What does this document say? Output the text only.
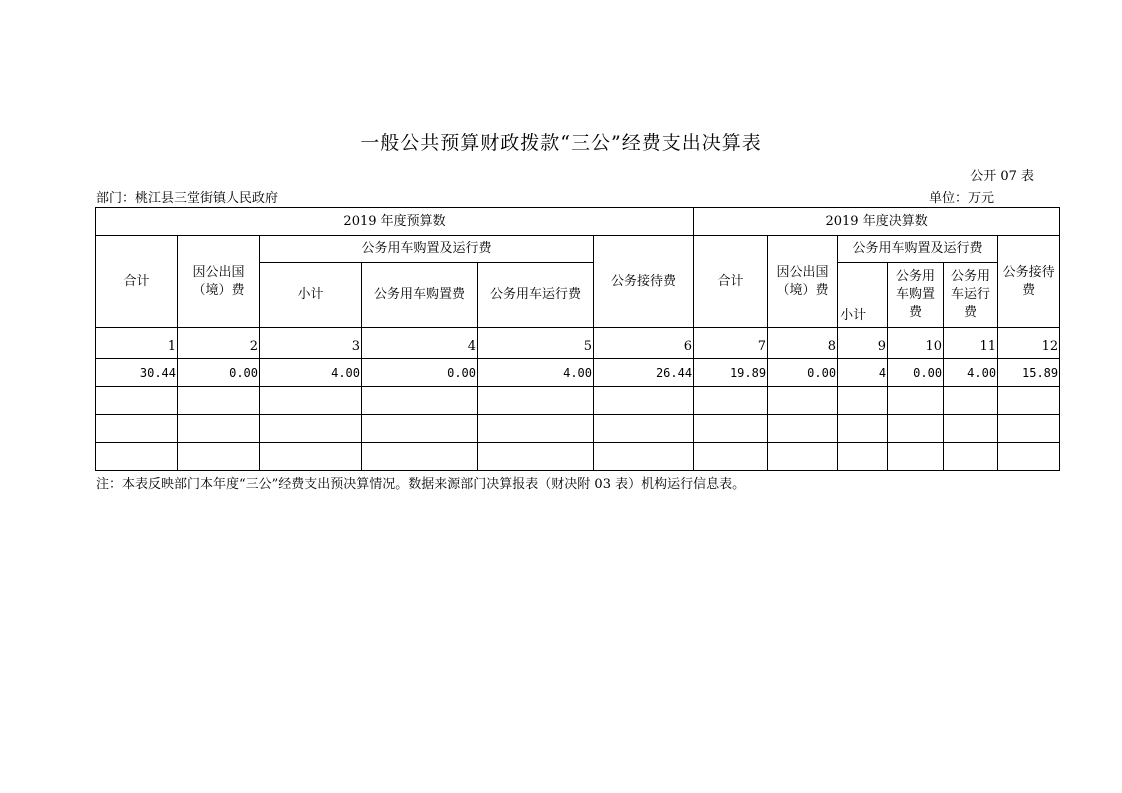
一般公共预算财政拨款“三公”经费支出决算表
公开 07 表
部门：桃江县三堂街镇人民政府	单位：万元
2019 年度预算数						2019 年度决算数					
合计	因公出国（境）费	公务用车购置及运行费			公务接待费	合计	因公出国（境）费	公务用车购置及运行费			公务接待费
		小计	公务用车购置费	公务用车运行费				小计	公务用车购置费	公务用车运行费	
1	2	3	4	5	6	7	8	9	10	11	12
30.44	0.00	4.00	0.00	4.00	26.44	19.89	0.00	4	0.00	4.00	15.89

注：本表反映部门本年度“三公”经费支出预决算情况。数据来源部门决算报表（财决附 03 表）机构运行信息表。
